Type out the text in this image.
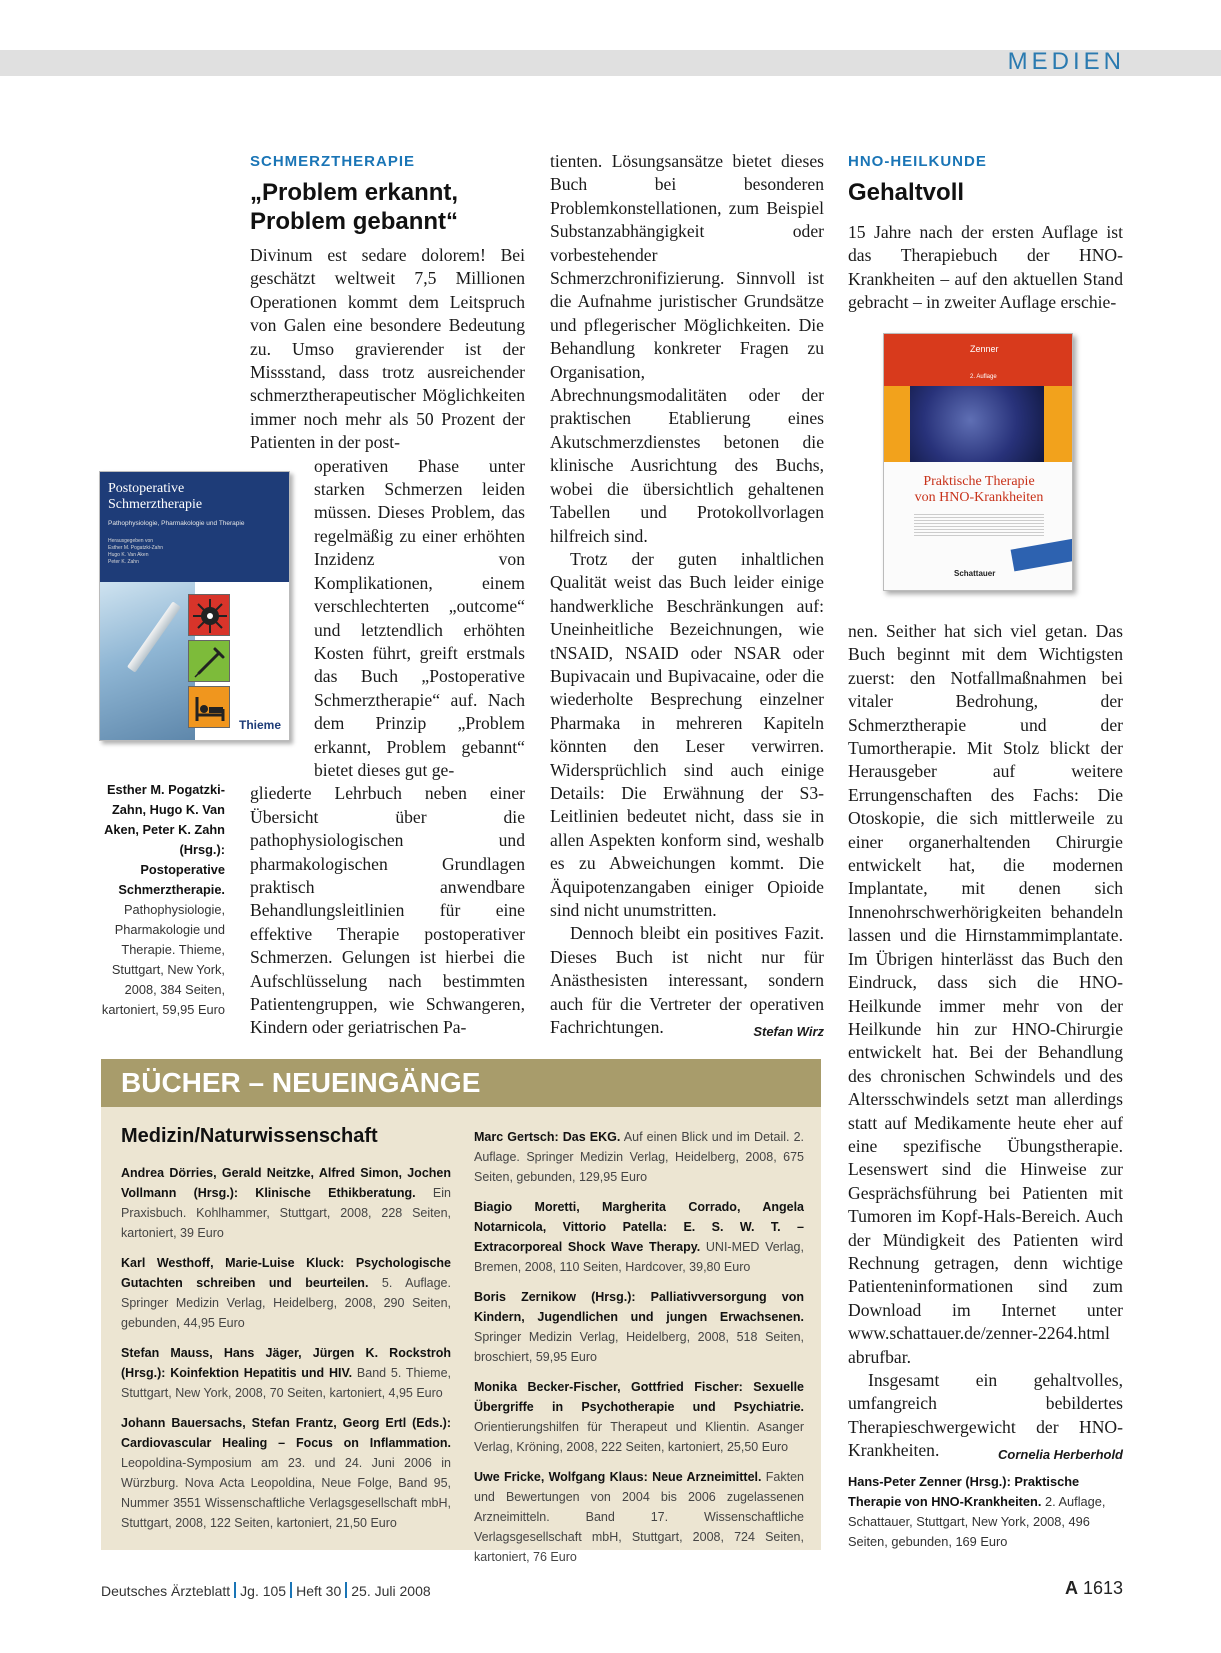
MEDIEN
SCHMERZTHERAPIE
„Problem erkannt,
Problem gebannt“
Divinum est sedare dolorem! Bei geschätzt weltweit 7,5 Millionen Operationen kommt dem Leitspruch von Galen eine besondere Bedeutung zu. Umso gravierender ist der Missstand, dass trotz ausreichender schmerztherapeutischer Möglichkeiten immer noch mehr als 50 Prozent der Patienten in der post-
operativen Phase unter starken Schmerzen leiden müssen. Dieses Problem, das regelmäßig zu einer erhöhten Inzidenz von Komplikationen, einem verschlechterten „outcome“ und letztendlich erhöhten Kosten führt, greift erstmals das Buch „Postoperative Schmerztherapie“ auf. Nach dem Prinzip „Problem erkannt, Problem gebannt“ bietet dieses gut ge-
gliederte Lehrbuch neben einer Übersicht über die pathophysiologischen und pharmakologischen Grundlagen praktisch anwendbare Behandlungsleitlinien für eine effektive Therapie postoperativer Schmerzen. Gelungen ist hierbei die Aufschlüsselung nach bestimmten Patientengruppen, wie Schwangeren, Kindern oder geriatrischen Pa-

tienten. Lösungsansätze bietet dieses Buch bei besonderen Problemkonstellationen, zum Beispiel Substanzabhängigkeit oder vorbestehender Schmerzchronifizierung. Sinnvoll ist die Aufnahme juristischer Grundsätze und pflegerischer Möglichkeiten. Die Behandlung konkreter Fragen zu Organisation, Abrechnungsmodalitäten oder der praktischen Etablierung eines Akutschmerzdienstes betonen die klinische Ausrichtung des Buchs, wobei die übersichtlich gehaltenen Tabellen und Protokollvorlagen hilfreich sind.

Trotz der guten inhaltlichen Qualität weist das Buch leider einige handwerkliche Beschränkungen auf: Uneinheitliche Bezeichnungen, wie tNSAID, NSAID oder NSAR oder Bupivacain und Bupivacaine, oder die wiederholte Besprechung einzelner Pharmaka in mehreren Kapiteln könnten den Leser verwirren. Widersprüchlich sind auch einige Details: Die Erwähnung der S3-Leitlinien bedeutet nicht, dass sie in allen Aspekten konform sind, weshalb es zu Abweichungen kommt. Die Äquipotenzangaben einiger Opioide sind nicht unumstritten.

Dennoch bleibt ein positives Fazit. Dieses Buch ist nicht nur für Anästhesisten interessant, sondern auch für die Vertreter der operativen Fachrichtungen.	Stefan Wirz

Postoperative
Schmerztherapie
Pathophysiologie, Pharmakologie und Therapie
Herausgegeben von
Esther M. Pogatzki-Zahn
Hugo K. Van Aken
Peter K. Zahn
Thieme
Esther M. Pogatzki-Zahn, Hugo K. Van Aken, Peter K. Zahn (Hrsg.): Postoperative Schmerztherapie. Pathophysiologie, Pharmakologie und Therapie. Thieme, Stuttgart, New York, 2008, 384 Seiten, kartoniert, 59,95 Euro
HNO-HEILKUNDE
Gehaltvoll
15 Jahre nach der ersten Auflage ist das Therapiebuch der HNO-Krankheiten – auf den aktuellen Stand gebracht – in zweiter Auflage erschie-
Zenner
2. Auflage
Praktische Therapie
von HNO-Krankheiten
Schattauer

nen. Seither hat sich viel getan. Das Buch beginnt mit dem Wichtigsten zuerst: den Notfallmaßnahmen bei vitaler Bedrohung, der Schmerztherapie und der Tumortherapie. Mit Stolz blickt der Herausgeber auf weitere Errungenschaften des Fachs: Die Otoskopie, die sich mittlerweile zu einer organerhaltenden Chirurgie entwickelt hat, die modernen Implantate, mit denen sich Innenohrschwerhörigkeiten behandeln lassen und die Hirnstammimplantate. Im Übrigen hinterlässt das Buch den Eindruck, dass sich die HNO-Heilkunde immer mehr von der Heilkunde hin zur HNO-Chirurgie entwickelt hat. Bei der Behandlung des chronischen Schwindels und des Altersschwindels setzt man allerdings statt auf Medikamente heute eher auf eine spezifische Übungstherapie. Lesenswert sind die Hinweise zur Gesprächsführung bei Patienten mit Tumoren im Kopf-Hals-Bereich. Auch der Mündigkeit des Patienten wird Rechnung getragen, denn wichtige Patienteninformationen sind zum Download im Internet unter www.schattauer.de/zenner-2264.html abrufbar.

Insgesamt ein gehaltvolles, umfangreich bebildertes Therapieschwergewicht der HNO-Krankheiten.	Cornelia Herberhold

Hans-Peter Zenner (Hrsg.): Praktische Therapie von HNO-Krankheiten. 2. Auflage, Schattauer, Stuttgart, New York, 2008, 496 Seiten, gebunden, 169 Euro
BÜCHER – NEUEINGÄNGE
Medizin/Naturwissenschaft
Andrea Dörries, Gerald Neitzke, Alfred Simon, Jochen Vollmann (Hrsg.): Klinische Ethikberatung. Ein Praxisbuch. Kohlhammer, Stuttgart, 2008, 228 Seiten, kartoniert, 39 Euro
Karl Westhoff, Marie-Luise Kluck: Psychologische Gutachten schreiben und beurteilen. 5. Auflage. Springer Medizin Verlag, Heidelberg, 2008, 290 Seiten, gebunden, 44,95 Euro
Stefan Mauss, Hans Jäger, Jürgen K. Rockstroh (Hrsg.): Koinfektion Hepatitis und HIV. Band 5. Thieme, Stuttgart, New York, 2008, 70 Seiten, kartoniert, 4,95 Euro
Johann Bauersachs, Stefan Frantz, Georg Ertl (Eds.): Cardiovascular Healing – Focus on Inflammation. Leopoldina-Symposium am 23. und 24. Juni 2006 in Würzburg. Nova Acta Leopoldina, Neue Folge, Band 95, Nummer 3551 Wissenschaftliche Verlagsgesellschaft mbH, Stuttgart, 2008, 122 Seiten, kartoniert, 21,50 Euro
Marc Gertsch: Das EKG. Auf einen Blick und im Detail. 2. Auflage. Springer Medizin Verlag, Heidelberg, 2008, 675 Seiten, gebunden, 129,95 Euro
Biagio Moretti, Margherita Corrado, Angela Notarnicola, Vittorio Patella: E. S. W. T. – Extracorporeal Shock Wave Therapy. UNI-MED Verlag, Bremen, 2008, 110 Seiten, Hardcover, 39,80 Euro
Boris Zernikow (Hrsg.): Palliativversorgung von Kindern, Jugendlichen und jungen Erwachsenen. Springer Medizin Verlag, Heidelberg, 2008, 518 Seiten, broschiert, 59,95 Euro
Monika Becker-Fischer, Gottfried Fischer: Sexuelle Übergriffe in Psychotherapie und Psychiatrie. Orientierungshilfen für Therapeut und Klientin. Asanger Verlag, Kröning, 2008, 222 Seiten, kartoniert, 25,50 Euro
Uwe Fricke, Wolfgang Klaus: Neue Arzneimittel. Fakten und Bewertungen von 2004 bis 2006 zugelassenen Arzneimitteln. Band 17. Wissenschaftliche Verlagsgesellschaft mbH, Stuttgart, 2008, 724 Seiten, kartoniert, 76 Euro
Deutsches Ärzteblatt Jg. 105 Heft 30 25. Juli 2008	A 1613
